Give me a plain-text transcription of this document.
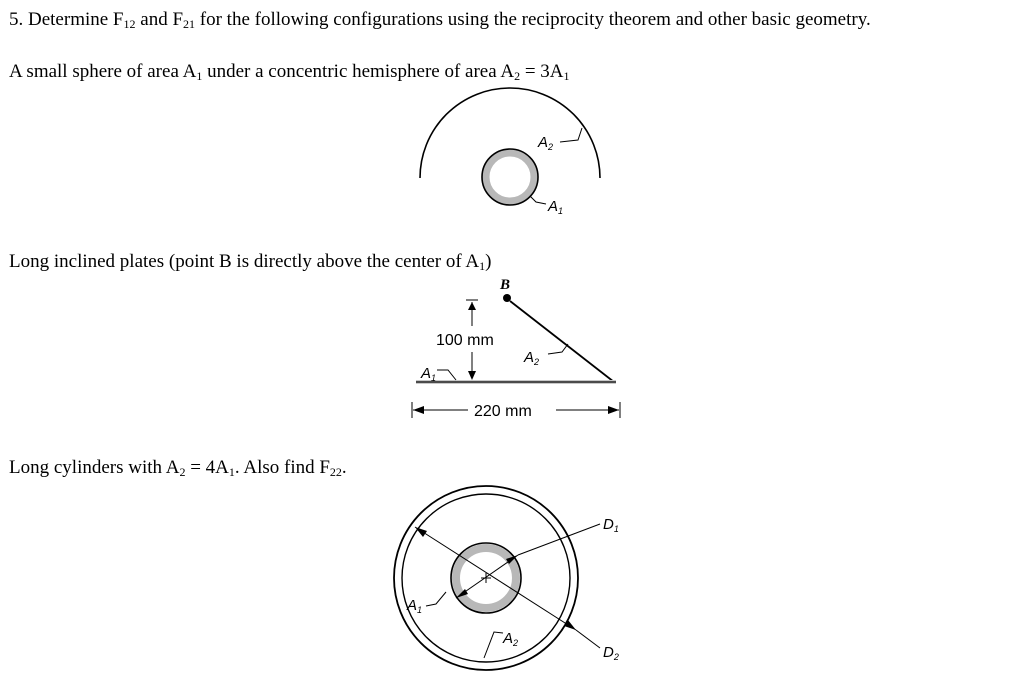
5. Determine $F_{12}$ and $F_{21}$ for the following configurations using the reciprocity theorem and other basic geometry.
A small sphere of area $A_1$ under a concentric hemisphere of area $A_2 = 3A_1$
$A_2$
$A_1$
Long inclined plates (point B is directly above the center of $A_1$)
B
100 mm
$A_1$
$A_2$
220 mm
Long cylinders with $A_2 = 4A_1$. Also find $F_{22}$.
$D_1$
$D_2$
$A_1$
$A_2$
